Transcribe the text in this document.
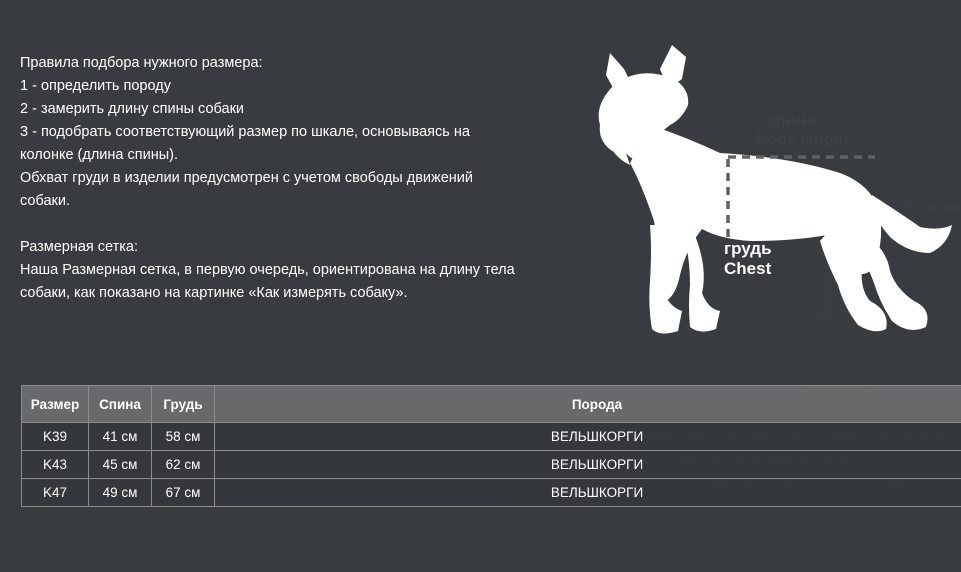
Правила подбора нужного размера:

1 - определить породу

2 - замерить длину спины собаки

3 - подобрать соответствующий размер по шкале, основываясь на колонке (длина спины).

Обхват груди в изделии предусмотрен с учетом свободы движений собаки.

Размерная сетка:

Наша Размерная сетка, в первую очередь, ориентирована на длину тела собаки, как показано на картинке «Как измерять собаку».

спина
Body lengtn
грудь
Chest
Размер	Спина	Грудь	Порода
K39	41 см	58 см	ВЕЛЬШКОРГИ
K43	45 см	62 см	ВЕЛЬШКОРГИ
K47	49 см	67 см	ВЕЛЬШКОРГИ
